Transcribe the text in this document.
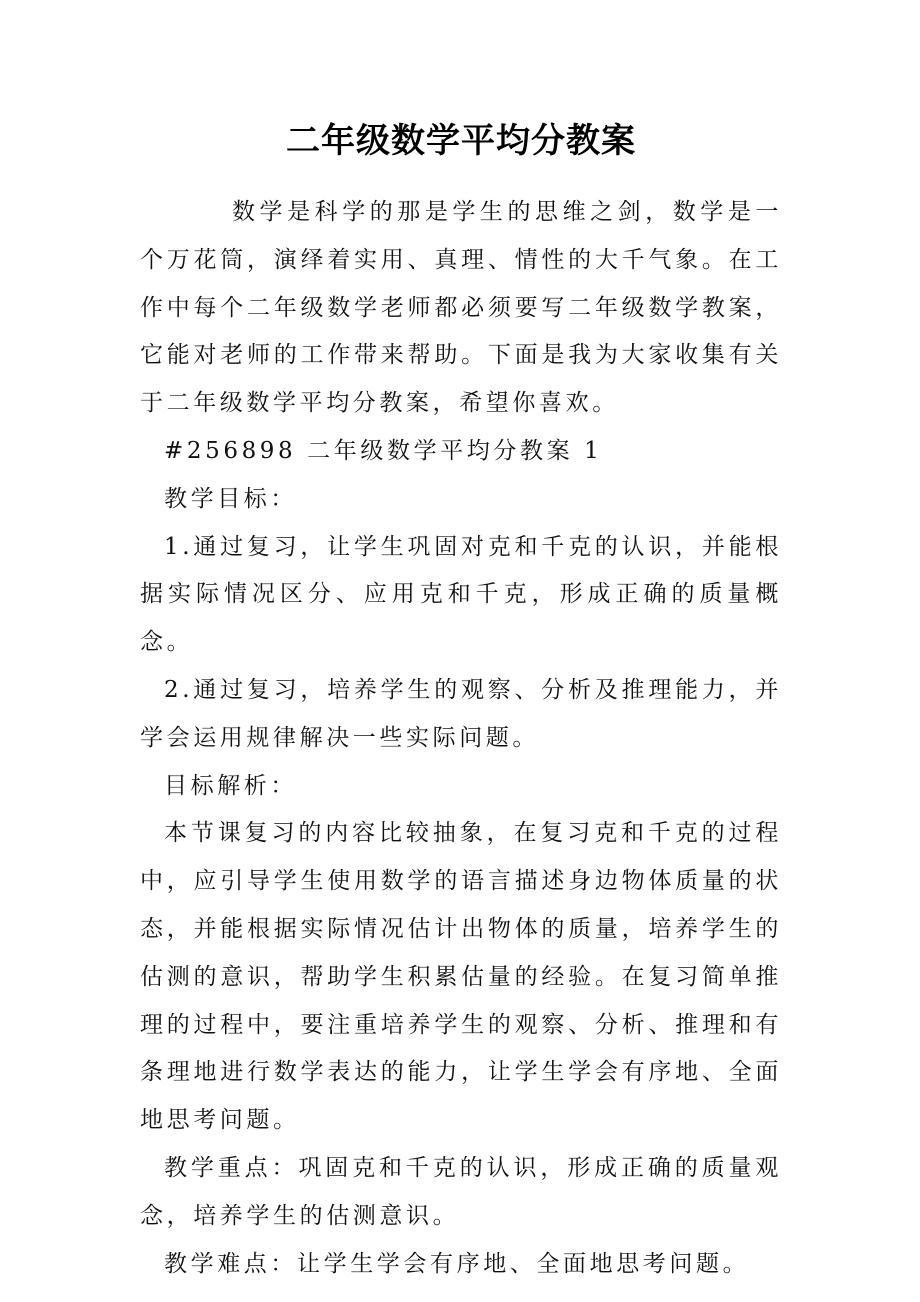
二年级数学平均分教案

数学是科学的那是学生的思维之剑，数学是一个万花筒，演绎着实用、真理、情性的大千气象。在工作中每个二年级数学老师都必须要写二年级数学教案，它能对老师的工作带来帮助。下面是我为大家收集有关于二年级数学平均分教案，希望你喜欢。

#256898 二年级数学平均分教案 1

教学目标：

1.通过复习，让学生巩固对克和千克的认识，并能根据实际情况区分、应用克和千克，形成正确的质量概念。

2.通过复习，培养学生的观察、分析及推理能力，并学会运用规律解决一些实际问题。

目标解析：

本节课复习的内容比较抽象，在复习克和千克的过程中，应引导学生使用数学的语言描述身边物体质量的状态，并能根据实际情况估计出物体的质量，培养学生的估测的意识，帮助学生积累估量的经验。在复习简单推理的过程中，要注重培养学生的观察、分析、推理和有条理地进行数学表达的能力，让学生学会有序地、全面地思考问题。

教学重点：巩固克和千克的认识，形成正确的质量观念，培养学生的估测意识。

教学难点：让学生学会有序地、全面地思考问题。
